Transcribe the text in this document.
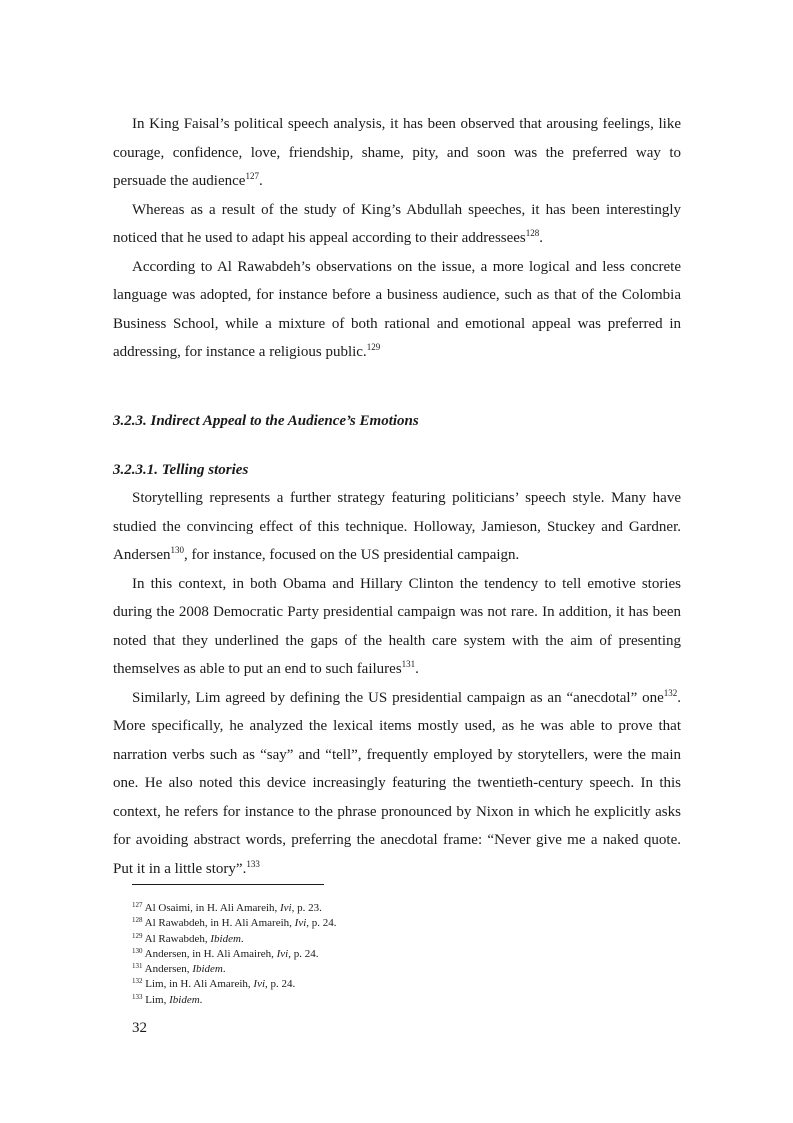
In King Faisal’s political speech analysis, it has been observed that arousing feelings, like courage, confidence, love, friendship, shame, pity, and soon was the preferred way to persuade the audience$^{127}$.

Whereas as a result of the study of King’s Abdullah speeches, it has been interestingly noticed that he used to adapt his appeal according to their addressees$^{128}$.

According to Al Rawabdeh’s observations on the issue, a more logical and less concrete language was adopted, for instance before a business audience, such as that of the Colombia Business School, while a mixture of both rational and emotional appeal was preferred in addressing, for instance a religious public.$^{129}$

3.2.3. Indirect Appeal to the Audience’s Emotions
3.2.3.1. Telling stories

Storytelling represents a further strategy featuring politicians’ speech style. Many have studied the convincing effect of this technique. Holloway, Jamieson, Stuckey and Gardner. Andersen$^{130}$, for instance, focused on the US presidential campaign.

In this context, in both Obama and Hillary Clinton the tendency to tell emotive stories during the 2008 Democratic Party presidential campaign was not rare. In addition, it has been noted that they underlined the gaps of the health care system with the aim of presenting themselves as able to put an end to such failures$^{131}$.

Similarly, Lim agreed by defining the US presidential campaign as an “anecdotal” one$^{132}$. More specifically, he analyzed the lexical items mostly used, as he was able to prove that narration verbs such as “say” and “tell”, frequently employed by storytellers, were the main one. He also noted this device increasingly featuring the twentieth-century speech. In this context, he refers for instance to the phrase pronounced by Nixon in which he explicitly asks for avoiding abstract words, preferring the anecdotal frame: “Never give me a naked quote. Put it in a little story”.$^{133}$

$^{127}$ Al Osaimi, in H. Ali Amareih, Ivi, p. 23.
$^{128}$ Al Rawabdeh, in H. Ali Amareih, Ivi, p. 24.
$^{129}$ Al Rawabdeh, Ibidem.
$^{130}$ Andersen, in H. Ali Amaireh, Ivi, p. 24.
$^{131}$ Andersen, Ibidem.
$^{132}$ Lim, in H. Ali Amareih, Ivi, p. 24.
$^{133}$ Lim, Ibidem.
32
